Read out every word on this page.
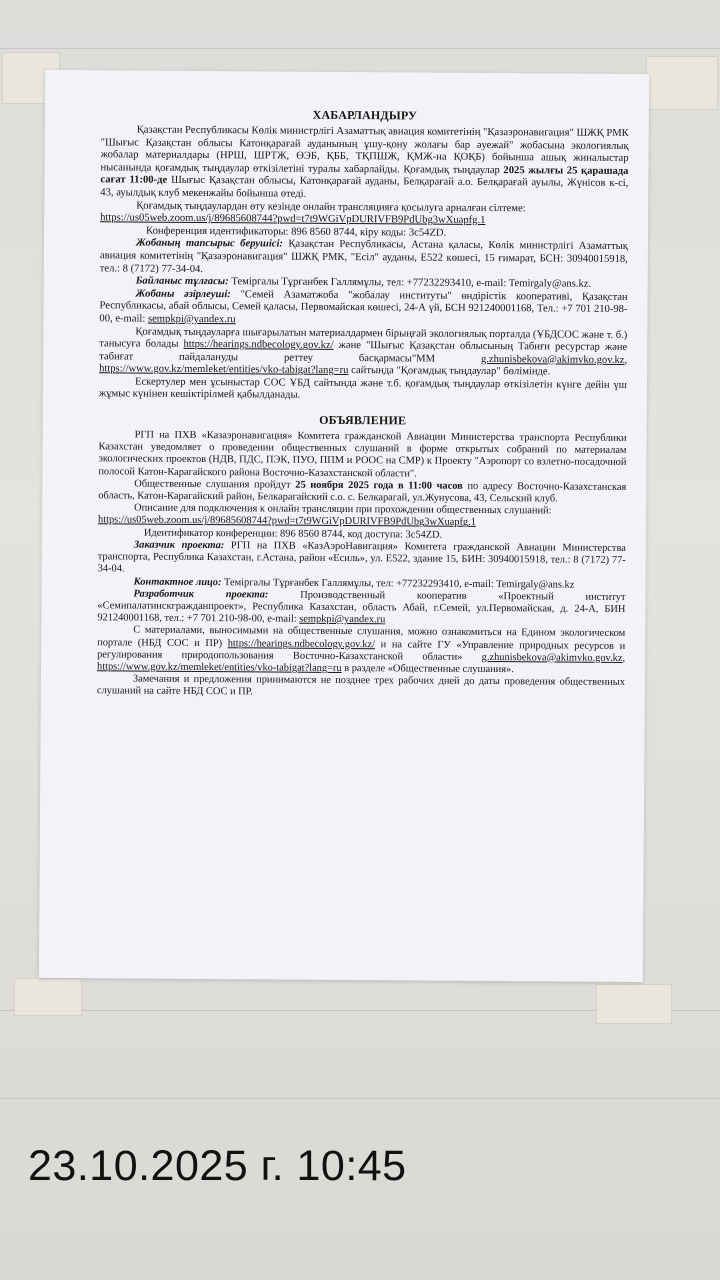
ХАБАРЛАНДЫРУ

Қазақстан Республикасы Көлік министрлігі Азаматтық авиация комитетінің "Қазаэронавигация" ШЖҚ РМК "Шығыс Қазақстан облысы Катонқарағай ауданының ұшу-қону жолағы бар әуежай" жобасына экологиялық жобалар материалдары (НРШ, ШРТЖ, ӨЭБ, ҚББ, ТҚПШЖ, ҚМЖ-на ҚОҚБ) бойынша ашық жиналыстар нысанында қоғамдық тыңдаулар өткізілетіні туралы хабарлайды. Қоғамдық тыңдаулар 2025 жылғы 25 қарашада сағат 11:00-де Шығыс Қазақстан облысы, Катонқарағай ауданы, Белқарағай а.о. Белқарағай ауылы, Жүнісов к-сі, 43, ауылдық клуб мекенжайы бойынша өтеді.

Қоғамдық тыңдаулардан өту кезінде онлайн трансляцияға қосылуға арналған сілтеме:

https://us05web.zoom.us/j/89685608744?pwd=t7t9WGiVpDURIVFB9PdUbg3wXuapfg.1

Конференция идентификаторы: 896 8560 8744, кіру коды: 3c54ZD.

Жобаның тапсырыс берушісі: Қазақстан Республикасы, Астана қаласы, Көлік министрлігі Азаматтық авиация комитетінің "Қазаэронавигация" ШЖҚ РМК, "Есіл" ауданы, Е522 көшесі, 15 ғимарат, БСН: 30940015918, тел.: 8 (7172) 77-34-04.

Байланыс тұлғасы: Теміргалы Тұрғанбек Галлямұлы, тел: +77232293410, e-mail: Temirgaly@ans.kz.

Жобаны әзірлеуші: "Семей Азаматжоба "жобалау институты" өндірістік кооперативі, Қазақстан Республикасы, абай облысы, Семей қаласы, Первомайская көшесі, 24-А үй, БСН 921240001168, Тел.: +7 701 210-98-00, e-mail: sempkpi@yandex.ru

Қоғамдық тыңдауларға шығарылатын материалдармен бірыңғай экологиялық порталда (ҰБДСОС және т. б.) танысуға болады https://hearings.ndbecology.gov.kz/ және "Шығыс Қазақстан облысының Табиғи ресурстар және табиғат пайдалануды реттеу басқармасы"ММ	g.zhunisbekova@akimvko.gov.kz, https://www.gov.kz/memleket/entities/vko-tabigat?lang=ru сайтында "Қоғамдық тыңдаулар" бөлімінде.

Ескертулер мен ұсыныстар СОС ҰБД сайтында және т.б. қоғамдық тыңдаулар өткізілетін күнге дейін үш жұмыс күнінен кешіктірілмей қабылданады.

ОБЪЯВЛЕНИЕ

РГП на ПХВ «Казаэронавигация» Комитета гражданской Авиации Министерства транспорта Республики Казахстан уведомляет о проведении общественных слушаний в форме открытых собраний по материалам экологических проектов (НДВ, ПДС, ПЭК, ПУО, ППМ и РООС на СМР) к Проекту "Аэропорт со взлетно-посадочной полосой Катон-Карагайского района Восточно-Казахстанской области".

Общественные слушания пройдут 25 ноября 2025 года в 11:00 часов по адресу Восточно-Казахстанская область, Катон-Карагайский район, Белкарагайский с.о. с. Белкарагай, ул.Жунусова, 43, Сельский клуб.

Описание для подключения к онлайн трансляции при прохождении общественных слушаний:

https://us05web.zoom.us/j/89685608744?pwd=t7t9WGiVpDURIVFB9PdUbg3wXuapfg.1

Идентификатор конференции: 896 8560 8744, код доступа: 3c54ZD.

Заказчик проекта: РГП на ПХВ «КазАэроНавигация» Комитета гражданской Авиации Министерства транспорта, Республика Казахстан, г.Астана, район «Есиль», ул. Е522, здание 15, БИН: 30940015918, тел.: 8 (7172) 77-34-04.

Контактное лицо: Теміргалы Тұрғанбек Галлямұлы, тел: +77232293410, e-mail: Temirgaly@ans.kz

Разработчик проекта:	Производственный кооператив «Проектный институт «Семипалатинскгражданпроект», Республика Казахстан, область Абай, г.Семей, ул.Первомайская, д. 24-А, БИН 921240001168, тел.: +7 701 210-98-00, e-mail: sempkpi@yandex.ru

С материалами, выносимыми на общественные слушания, можно ознакомиться на Едином экологическом портале (НБД СОС и ПР) https://hearings.ndbecology.gov.kz/ и на сайте ГУ «Управление природных ресурсов и регулирования природопользования Восточно-Казахстанской области» g.zhunisbekova@akimvko.gov.kz, https://www.gov.kz/memleket/entities/vko-tabigat?lang=ru в разделе «Общественные слушания».

Замечания и предложения принимаются не позднее трех рабочих дней до даты проведения общественных слушаний на сайте НБД СОС и ПР.

23.10.2025 г. 10:45
